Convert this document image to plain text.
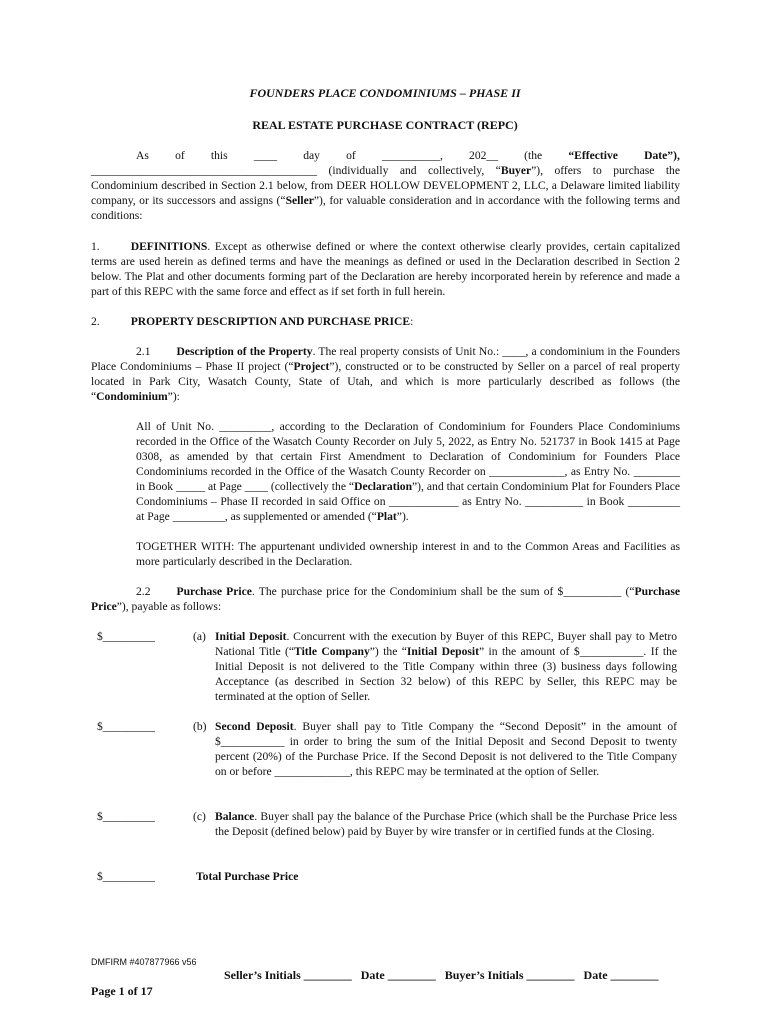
FOUNDERS PLACE CONDOMINIUMS – PHASE II
REAL ESTATE PURCHASE CONTRACT (REPC)
As of this ____ day of __________, 202__ (the “Effective Date”),
_______________________________________ (individually and collectively, “Buyer”), offers to purchase the Condominium described in Section 2.1 below, from DEER HOLLOW DEVELOPMENT 2, LLC, a Delaware limited liability company, or its successors and assigns (“Seller”), for valuable consideration and in accordance with the following terms and conditions:
1.	DEFINITIONS. Except as otherwise defined or where the context otherwise clearly provides, certain capitalized terms are used herein as defined terms and have the meanings as defined or used in the Declaration described in Section 2 below. The Plat and other documents forming part of the Declaration are hereby incorporated herein by reference and made a part of this REPC with the same force and effect as if set forth in full herein.
2.	PROPERTY DESCRIPTION AND PURCHASE PRICE:
2.1 Description of the Property. The real property consists of Unit No.: ____, a condominium in the Founders Place Condominiums – Phase II project (“Project”), constructed or to be constructed by Seller on a parcel of real property located in Park City, Wasatch County, State of Utah, and which is more particularly described as follows (the “Condominium”):
All of Unit No. _________, according to the Declaration of Condominium for Founders Place Condominiums recorded in the Office of the Wasatch County Recorder on July 5, 2022, as Entry No. 521737 in Book 1415 at Page 0308, as amended by that certain First Amendment to Declaration of Condominium for Founders Place Condominiums recorded in the Office of the Wasatch County Recorder on _____________, as Entry No. ________ in Book _____ at Page ____ (collectively the “Declaration”), and that certain Condominium Plat for Founders Place Condominiums – Phase II recorded in said Office on ____________ as Entry No. __________ in Book _________ at Page _________, as supplemented or amended (“Plat”).
TOGETHER WITH: The appurtenant undivided ownership interest in and to the Common Areas and Facilities as more particularly described in the Declaration.
2.2 Purchase Price. The purchase price for the Condominium shall be the sum of $__________ (“Purchase Price”), payable as follows:
$_________	(a) Initial Deposit. Concurrent with the execution by Buyer of this REPC, Buyer shall pay to Metro National Title (“Title Company”) the “Initial Deposit” in the amount of $___________. If the Initial Deposit is not delivered to the Title Company within three (3) business days following Acceptance (as described in Section 32 below) of this REPC by Seller, this REPC may be terminated at the option of Seller.
$_________	(b) Second Deposit. Buyer shall pay to Title Company the “Second Deposit” in the amount of $___________ in order to bring the sum of the Initial Deposit and Second Deposit to twenty percent (20%) of the Purchase Price. If the Second Deposit is not delivered to the Title Company on or before _____________, this REPC may be terminated at the option of Seller.
$_________	(c) Balance. Buyer shall pay the balance of the Purchase Price (which shall be the Purchase Price less the Deposit (defined below) paid by Buyer by wire transfer or in certified funds at the Closing.
$_________	Total Purchase Price
DMFIRM #407877966 v56
Seller’s Initials ________   Date ________   Buyer’s Initials ________   Date ________
Page 1 of 17
